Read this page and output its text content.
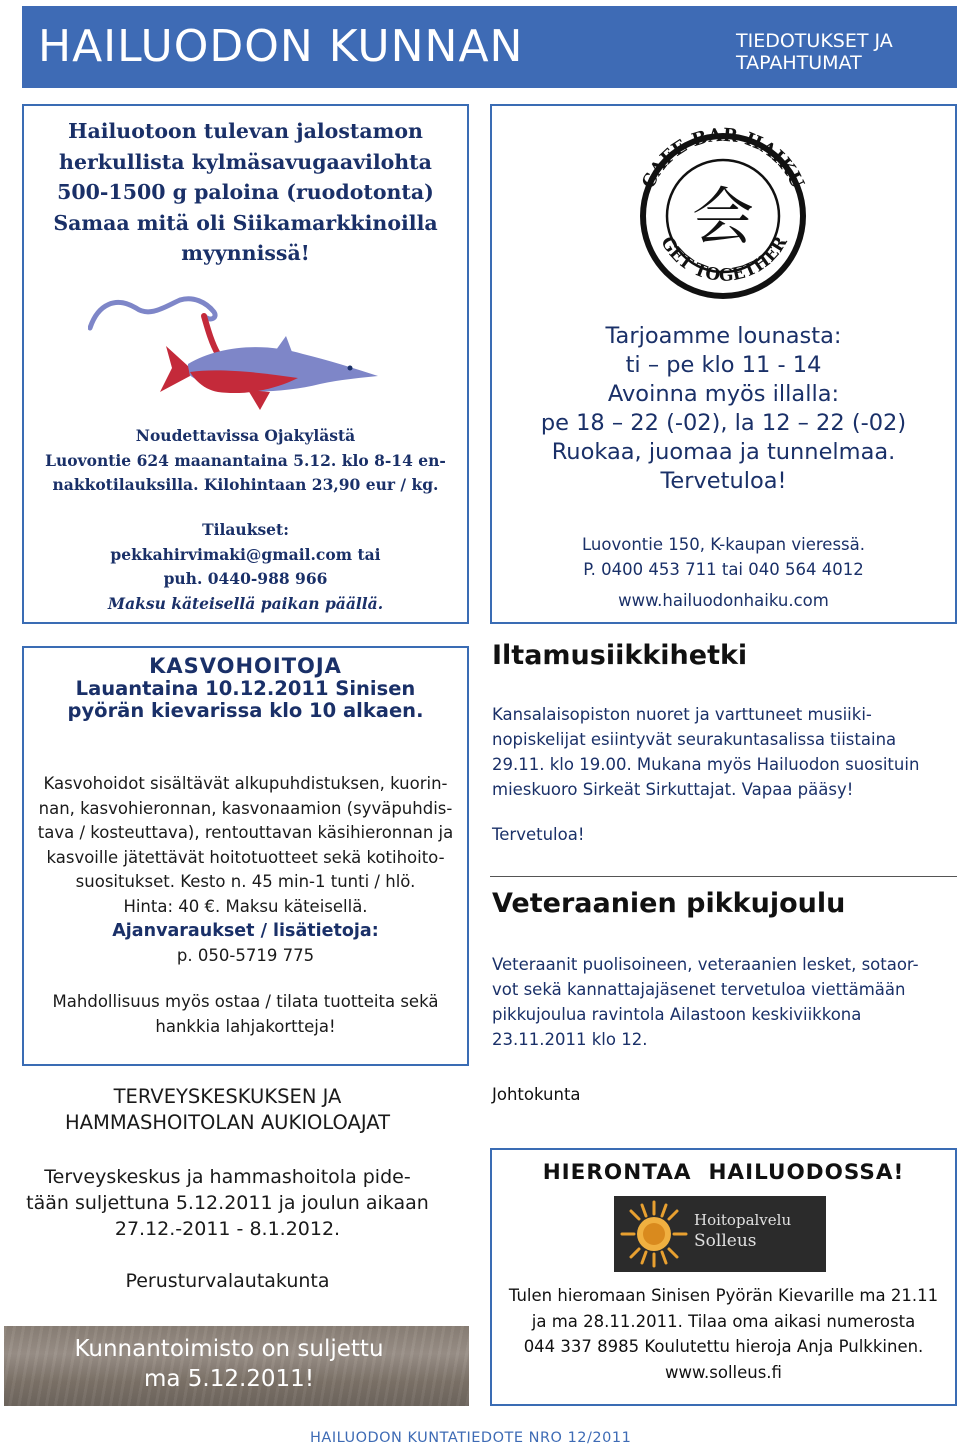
HAILUODON KUNNAN	TIEDOTUKSET JA TAPAHTUMAT
Hailuotoon tulevan jalostamon
herkullista kylmäsavugaavilohta
500-1500 g paloina (ruodotonta)
Samaa mitä oli Siikamarkkinoilla
myynnissä!
Noudettavissa Ojakylästä
Luovontie 624 maanantaina 5.12. klo 8-14 en-
nakkotilauksilla. Kilohintaan 23,90 eur / kg.
Tilaukset:
pekkahirvimaki@gmail.com tai
puh. 0440-988 966
Maksu käteisellä paikan päällä.
CAFE BAR HAIKU
GET TOGETHER
会
Tarjoamme lounasta:
ti – pe klo 11 - 14
Avoinna myös illalla:
pe 18 – 22 (-02), la 12 – 22 (-02)
Ruokaa, juomaa ja tunnelmaa.
Tervetuloa!
Luovontie 150, K-kaupan vieressä.
P. 0400 453 711 tai 040 564 4012
www.hailuodonhaiku.com
KASVOHOITOJA
Lauantaina 10.12.2011 Sinisen
pyörän kievarissa klo 10 alkaen.
Kasvohoidot sisältävät alkupuhdistuksen, kuorin-
nan, kasvohieronnan, kasvonaamion (syväpuhdis-
tava / kosteuttava), rentouttavan käsihieronnan ja
kasvoille jätettävät hoitotuotteet sekä kotihoito-
suositukset. Kesto n. 45 min-1 tunti / hlö.
Hinta: 40 €. Maksu käteisellä.
Ajanvaraukset / lisätietoja:
p. 050-5719 775
Mahdollisuus myös ostaa / tilata tuotteita sekä
hankkia lahjakortteja!
Iltamusiikkihetki
Kansalaisopiston nuoret ja varttuneet musiiki-
nopiskelijat esiintyvät seurakuntasalissa tiistaina
29.11. klo 19.00. Mukana myös Hailuodon suosituin
mieskuoro Sirkeät Sirkuttajat. Vapaa pääsy!
Tervetuloa!
Veteraanien pikkujoulu
Veteraanit puolisoineen, veteraanien lesket, sotaor-
vot sekä kannattajajäsenet tervetuloa viettämään
pikkujoulua ravintola Ailastoon keskiviikkona
23.11.2011 klo 12.
Johtokunta
TERVEYSKESKUKSEN JA
HAMMASHOITOLAN AUKIOLOAJAT
Terveyskeskus ja hammashoitola pide-
tään suljettuna 5.12.2011 ja joulun aikaan
27.12.-2011 - 8.1.2012.
Perusturvalautakunta
Kunnantoimisto on suljettu
ma 5.12.2011!
HIERONTAA  HAILUODOSSA!
Hoitopalvelu
Solleus
Tulen hieromaan Sinisen Pyörän Kievarille ma 21.11
ja ma 28.11.2011. Tilaa oma aikasi numerosta
044 337 8985 Koulutettu hieroja Anja Pulkkinen.
www.solleus.fi
HAILUODON KUNTATIEDOTE NRO 12/2011
